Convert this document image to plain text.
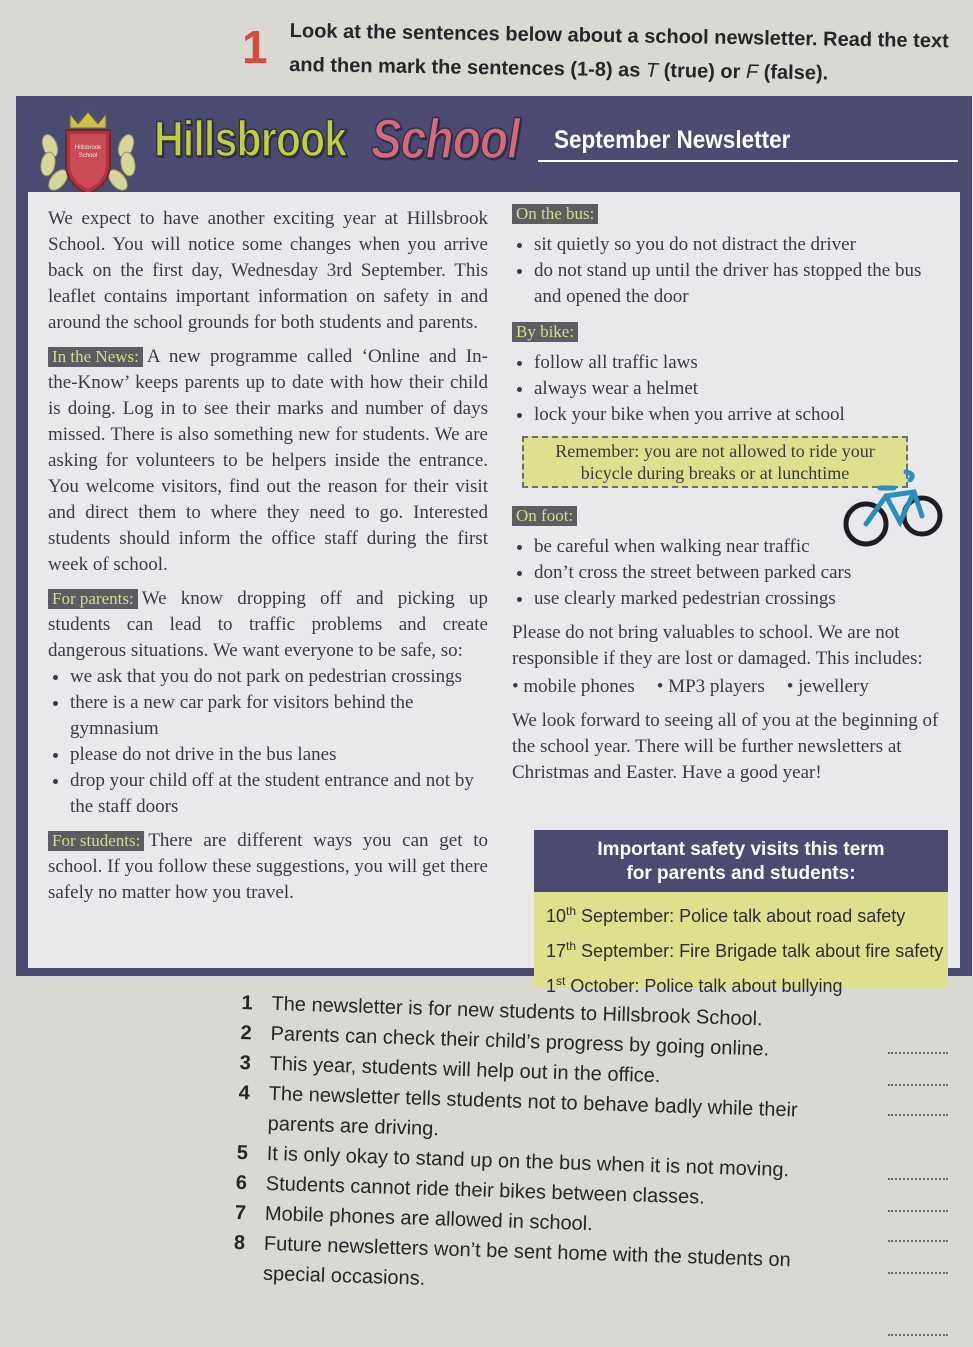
1 Look at the sentences below about a school newsletter. Read the text and then mark the sentences (1-8) as T (true) or F (false).
Hillsbrook School Hillsbrook School September Newsletter

We expect to have another exciting year at Hillsbrook School. You will notice some changes when you arrive back on the first day, Wednesday 3rd September. This leaflet contains important information on safety in and around the school grounds for both students and parents.

In the News: A new programme called ‘Online and In-the-Know’ keeps parents up to date with how their child is doing. Log in to see their marks and number of days missed. There is also something new for students. We are asking for volunteers to be helpers inside the entrance. You welcome visitors, find out the reason for their visit and direct them to where they need to go. Interested students should inform the office staff during the first week of school.

For parents: We know dropping off and picking up students can lead to traffic problems and create dangerous situations. We want everyone to be safe, so:

• we ask that you do not park on pedestrian crossings
• there is a new car park for visitors behind the gymnasium
• please do not drive in the bus lanes
• drop your child off at the student entrance and not by the staff doors

For students: There are different ways you can get to school. If you follow these suggestions, you will get there safely no matter how you travel.

On the bus:
• sit quietly so you do not distract the driver
• do not stand up until the driver has stopped the bus and opened the door
By bike:
• follow all traffic laws
• always wear a helmet
• lock your bike when you arrive at school
Remember: you are not allowed to ride your bicycle during breaks or at lunchtime
On foot:
• be careful when walking near traffic
• don’t cross the street between parked cars
• use clearly marked pedestrian crossings

Please do not bring valuables to school. We are not responsible if they are lost or damaged. This includes:

• mobile phones	• MP3 players	• jewellery

We look forward to seeing all of you at the beginning of the school year. There will be further newsletters at Christmas and Easter. Have a good year!

Important safety visits this term
for parents and students:
10th September: Police talk about road safety
17th September: Fire Brigade talk about fire safety
1st October: Police talk about bullying
1 The newsletter is for new students to Hillsbrook School.
2 Parents can check their child’s progress by going online.
3 This year, students will help out in the office.
4 The newsletter tells students not to behave badly while their parents are driving.
5 It is only okay to stand up on the bus when it is not moving.
6 Students cannot ride their bikes between classes.
7 Mobile phones are allowed in school.
8 Future newsletters won’t be sent home with the students on special occasions.
